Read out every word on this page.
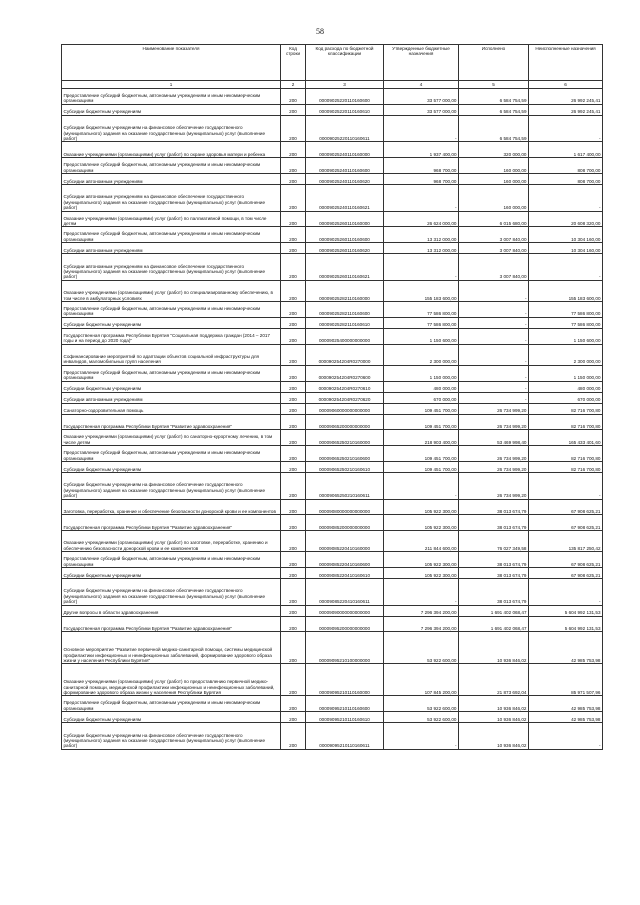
58
Наименование показателя	Код строки	Код расхода по бюджетной классификации	Утвержденные бюджетные назначения	Исполнено	Неисполненные назначения
1	2	3	4	5	6
Предоставление субсидий бюджетным, автономным учреждениям и иным некоммерческим организациям	200	00009025220110160600	33 577 000,00	6 584 754,59	26 992 245,41
Субсидии бюджетным учреждениям	200	00009025220110160610	33 577 000,00	6 584 754,59	26 992 245,41
Субсидии бюджетным учреждениям на финансовое обеспечение государственного (муниципального) задания на оказание государственных (муниципальных) услуг (выполнение работ)	200	00009025220110160611	-	6 584 754,59	-
Оказание учреждениями (организациями) услуг (работ) по охране здоровья матери и ребенка	200	00009025240110160000	1 937 400,00	320 000,00	1 617 400,00
Предоставление субсидий бюджетным, автономным учреждениям и иным некоммерческим организациям	200	00009025240110160600	968 700,00	160 000,00	808 700,00
Субсидии автономным учреждениям	200	00009025240110160620	968 700,00	160 000,00	808 700,00
Субсидии автономным учреждениям на финансовое обеспечение государственного (муниципального) задания на оказание государственных (муниципальных) услуг (выполнение работ)	200	00009025240110160621	-	160 000,00	-
Оказание учреждениями (организациями) услуг (работ) по паллиативной помощи, в том числе детям	200	00009025260110160000	26 624 000,00	6 015 680,00	20 608 320,00
Предоставление субсидий бюджетным, автономным учреждениям и иным некоммерческим организациям	200	00009025260110160600	13 312 000,00	3 007 840,00	10 304 160,00
Субсидии автономным учреждениям	200	00009025260110160620	13 312 000,00	3 007 840,00	10 304 160,00
Субсидии автономным учреждениям на финансовое обеспечение государственного (муниципального) задания на оказание государственных (муниципальных) услуг (выполнение работ)	200	00009025260110160621	-	3 007 840,00	-
Оказание учреждениями (организациями) услуг (работ) по специализированному обеспечению, в том числе в амбулаторных условиях	200	00009025282110160000	155 183 600,00	-	155 183 600,00
Предоставление субсидий бюджетным, автономным учреждениям и иным некоммерческим организациям	200	00009025282110160600	77 586 800,00	-	77 586 800,00
Субсидии бюджетным учреждениям	200	00009025282110160610	77 586 800,00	-	77 586 800,00
Государственная программа Республики Бурятия "Социальная поддержка граждан (2014 – 2017 годы и на период до 2020 года)"	200	00009025400000000000	1 150 600,00	-	1 150 600,00
Софинансирование мероприятий по адаптации объектов социальной инфраструктуры для инвалидов, маломобильных групп населения	200	000090254204R0270000	2 300 000,00	-	2 300 000,00
Предоставление субсидий бюджетным, автономным учреждениям и иным некоммерческим организациям	200	000090254204R0270600	1 150 000,00	-	1 150 000,00
Субсидии бюджетным учреждениям	200	000090254204R0270610	480 000,00	-	480 000,00
Субсидии автономным учреждениям	200	000090254204R0270620	670 000,00	-	670 000,00
Санаторно-оздоровительная помощь	200	00009060000000000000	109 451 700,00	26 734 999,20	82 716 700,80
Государственная программа Республики Бурятия "Развитие здравоохранения"	200	00009065200000000000	109 451 700,00	26 734 999,20	82 716 700,80
Оказание учреждениями (организациями) услуг (работ) по санаторно-курортному лечению, в том числе детям	200	00009065250210160000	218 903 400,00	53 469 998,40	165 433 401,60
Предоставление субсидий бюджетным, автономным учреждениям и иным некоммерческим организациям	200	00009065250210160600	109 451 700,00	26 734 999,20	82 716 700,80
Субсидии бюджетным учреждениям	200	00009065250210160610	109 451 700,00	26 734 999,20	82 716 700,80
Субсидии бюджетным учреждениям на финансовое обеспечение государственного (муниципального) задания на оказание государственных (муниципальных) услуг (выполнение работ)	200	00009065250210160611	-	26 734 999,20	-
Заготовка, переработка, хранение и обеспечение безопасности донорской крови и ее компонентов	200	00009080000000000000	105 922 300,00	38 013 674,79	67 908 625,21
Государственная программа Республики Бурятия "Развитие здравоохранения"	200	00009085200000000000	105 922 300,00	38 013 674,79	67 908 625,21
Оказание учреждениями (организациями) услуг (работ) по заготовке, переработке, хранению и обеспечению безопасности донорской крови и ее компонентов	200	00009085220410160000	211 844 600,00	76 027 349,58	135 817 250,42
Предоставление субсидий бюджетным, автономным учреждениям и иным некоммерческим организациям	200	00009085220410160600	105 922 300,00	38 013 674,79	67 908 625,21
Субсидии бюджетным учреждениям	200	00009085220410160610	105 922 300,00	38 013 674,79	67 908 625,21
Субсидии бюджетным учреждениям на финансовое обеспечение государственного (муниципального) задания на оказание государственных (муниципальных) услуг (выполнение работ)	200	00009085220410160611	-	38 013 674,79	-
Другие вопросы в области здравоохранения	200	00009090000000000000	7 296 394 200,00	1 691 402 068,47	5 604 992 131,53
Государственная программа Республики Бурятия "Развитие здравоохранения"	200	00009095200000000000	7 296 394 200,00	1 691 402 068,47	5 604 992 131,53
Основное мероприятие "Развитие первичной медико-санитарной помощи, системы медицинской профилактики инфекционных и неинфекционных заболеваний, формирование здорового образа жизни у населения Республики Бурятия"	200	00009095210100000000	53 922 600,00	10 936 846,02	42 985 753,98
Оказание учреждениями (организациями) услуг (работ) по предоставлению первичной медико-санитарной помощи, медицинской профилактики инфекционных и неинфекционных заболеваний, формирование здорового образа жизни у населения Республики Бурятия	200	00009095210110160000	107 845 200,00	21 873 692,04	85 971 507,96
Предоставление субсидий бюджетным, автономным учреждениям и иным некоммерческим организациям	200	00009095210110160600	53 922 600,00	10 936 846,02	42 985 753,98
Субсидии бюджетным учреждениям	200	00009095210110160610	53 922 600,00	10 936 846,02	42 985 753,98
Субсидии бюджетным учреждениям на финансовое обеспечение государственного (муниципального) задания на оказание государственных (муниципальных) услуг (выполнение работ)	200	00009095210110160611	-	10 936 846,02	-
